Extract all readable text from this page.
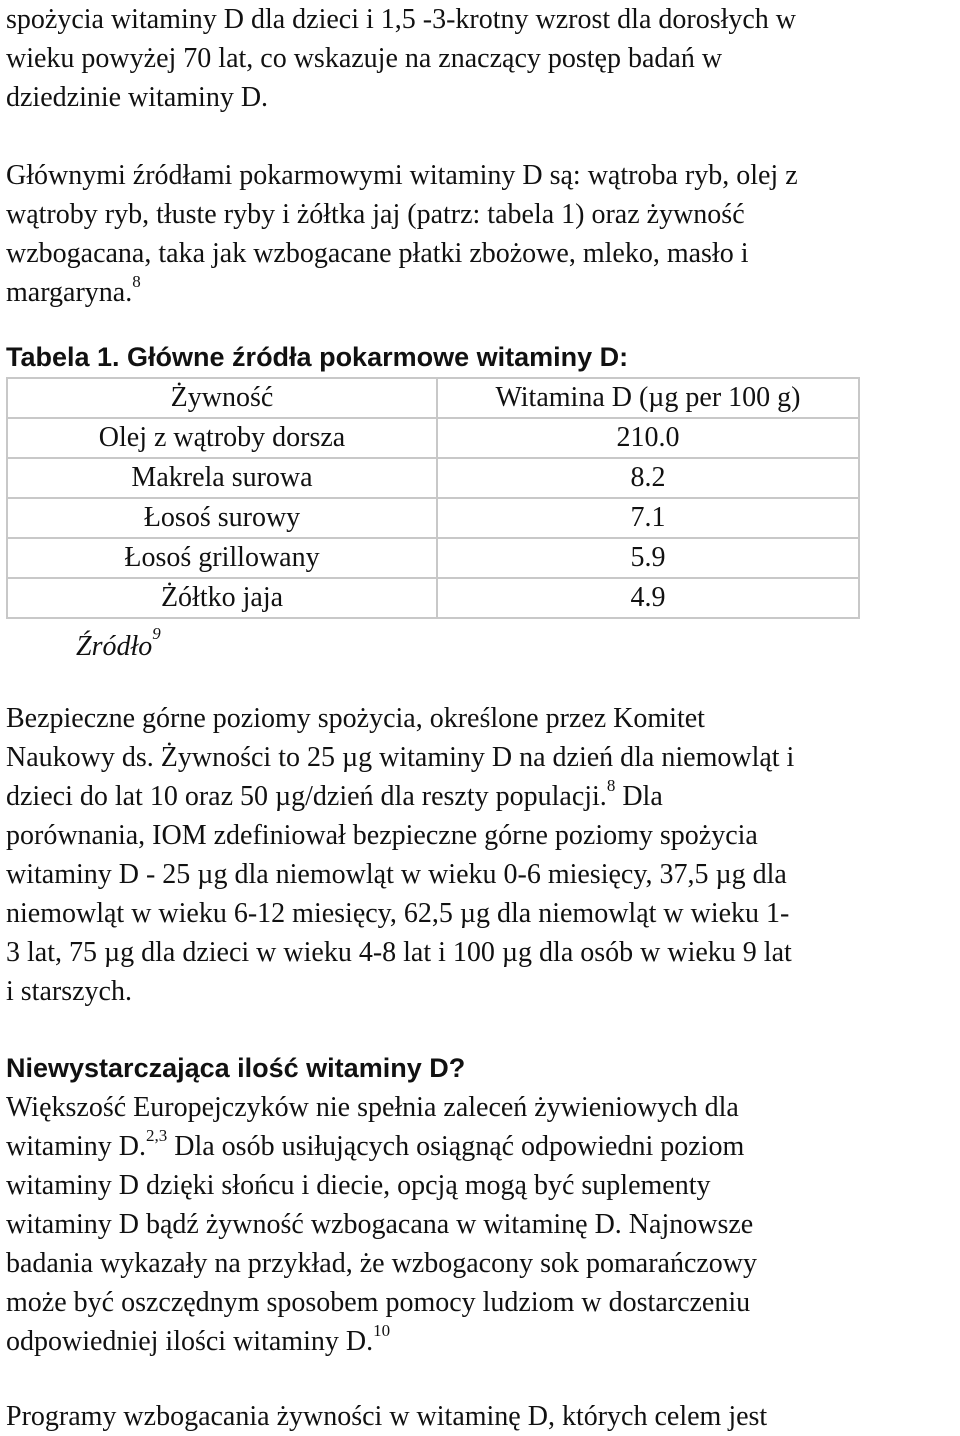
spożycia witaminy D dla dzieci i 1,5 -3-krotny wzrost dla dorosłych w
wieku powyżej 70 lat, co wskazuje na znaczący postęp badań w
dziedzinie witaminy D.

Głównymi źródłami pokarmowymi witaminy D są: wątroba ryb, olej z
wątroby ryb, tłuste ryby i żółtka jaj (patrz: tabela 1) oraz żywność
wzbogacana, taka jak wzbogacane płatki zbożowe, mleko, masło i
margaryna.$^8$

Tabela 1. Główne źródła pokarmowe witaminy D:

Żywność	Witamina D (µg per 100 g)
Olej z wątroby dorsza	210.0
Makrela surowa	8.2
Łosoś surowy	7.1
Łosoś grillowany	5.9
Żółtko jaja	4.9
Źródło$^9$

Bezpieczne górne poziomy spożycia, określone przez Komitet
Naukowy ds. Żywności to 25 µg witaminy D na dzień dla niemowląt i
dzieci do lat 10 oraz 50 µg/dzień dla reszty populacji.$^8$ Dla
porównania, IOM zdefiniował bezpieczne górne poziomy spożycia
witaminy D - 25 µg dla niemowląt w wieku 0-6 miesięcy, 37,5 µg dla
niemowląt w wieku 6-12 miesięcy, 62,5 µg dla niemowląt w wieku 1-
3 lat, 75 µg dla dzieci w wieku 4-8 lat i 100 µg dla osób w wieku 9 lat
i starszych.

Niewystarczająca ilość witaminy D?

Większość Europejczyków nie spełnia zaleceń żywieniowych dla
witaminy D.$^{2,3}$ Dla osób usiłujących osiągnąć odpowiedni poziom
witaminy D dzięki słońcu i diecie, opcją mogą być suplementy
witaminy D bądź żywność wzbogacana w witaminę D. Najnowsze
badania wykazały na przykład, że wzbogacony sok pomarańczowy
może być oszczędnym sposobem pomocy ludziom w dostarczeniu
odpowiedniej ilości witaminy D.$^{10}$

Programy wzbogacania żywności w witaminę D, których celem jest
